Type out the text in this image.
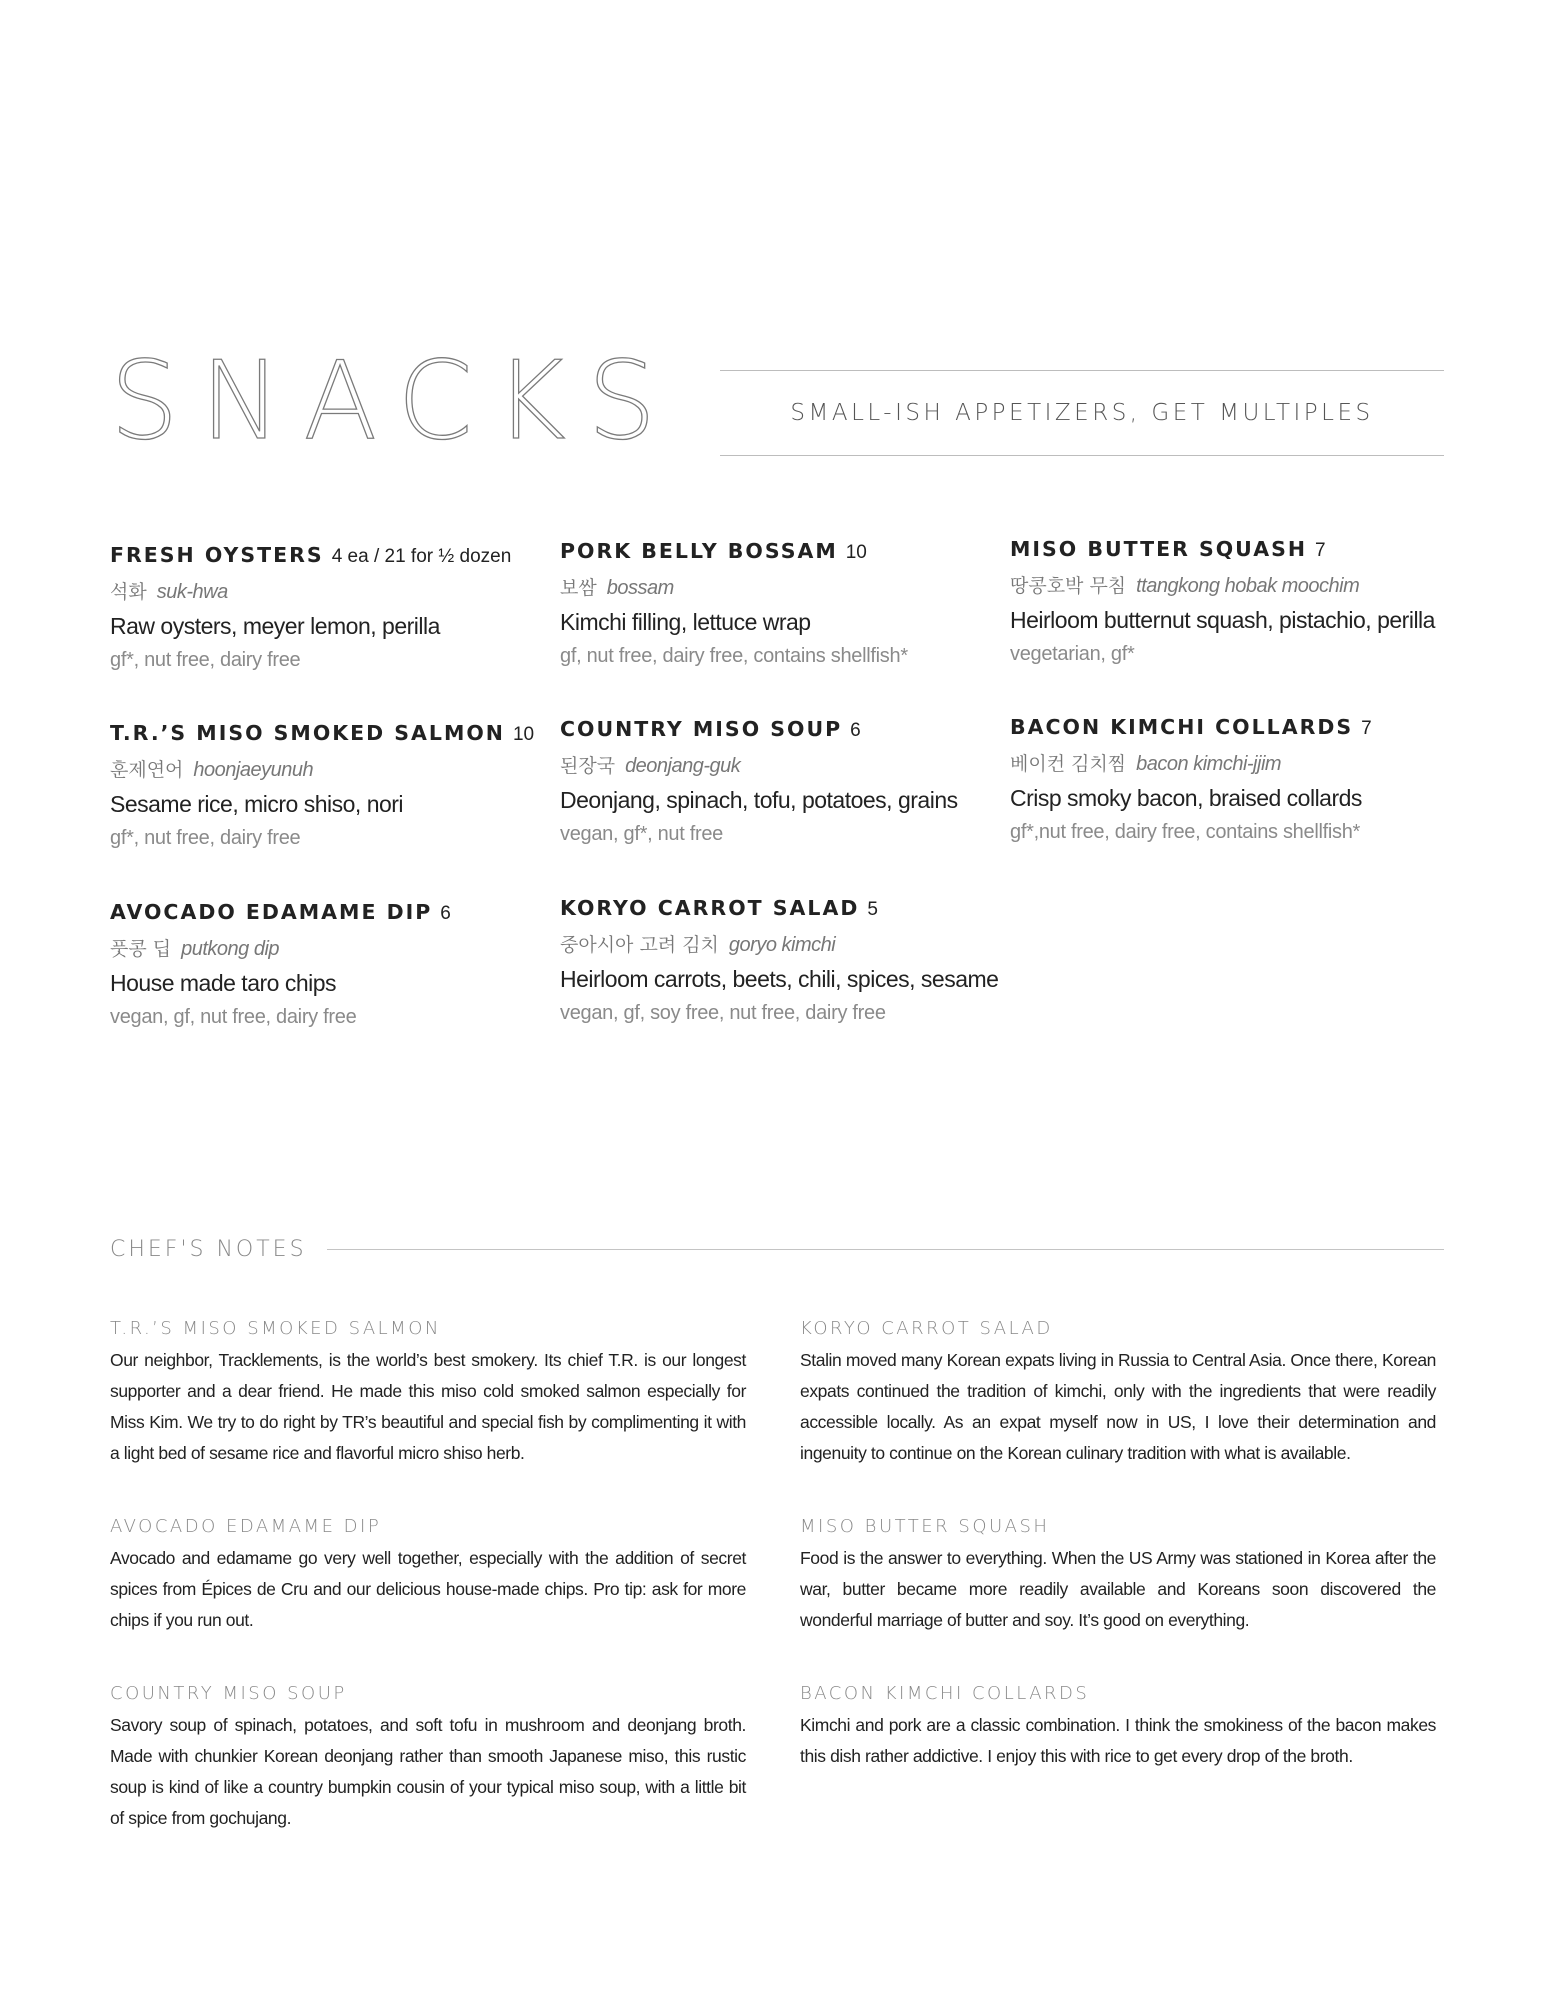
SNACKS	SMALL-ISH APPETIZERS, GET MULTIPLES
FRESH OYSTERS 4 ea / 21 for ½ dozen
석화 suk-hwa
Raw oysters, meyer lemon, perilla
gf*, nut free, dairy free
T.R.’S MISO SMOKED SALMON 10
훈제연어 hoonjaeyunuh
Sesame rice, micro shiso, nori
gf*, nut free, dairy free
AVOCADO EDAMAME DIP 6
풋콩 딥 putkong dip
House made taro chips
vegan, gf, nut free, dairy free
PORK BELLY BOSSAM 10
보쌈 bossam
Kimchi filling, lettuce wrap
gf, nut free, dairy free, contains shellfish*
COUNTRY MISO SOUP 6
된장국 deonjang-guk
Deonjang, spinach, tofu, potatoes, grains
vegan, gf*, nut free
KORYO CARROT SALAD 5
중아시아 고려 김치 goryo kimchi
Heirloom carrots, beets, chili, spices, sesame
vegan, gf, soy free, nut free, dairy free
MISO BUTTER SQUASH 7
땅콩호박 무침 ttangkong hobak moochim
Heirloom butternut squash, pistachio, perilla
vegetarian, gf*
BACON KIMCHI COLLARDS 7
베이컨 김치찜 bacon kimchi-jjim
Crisp smoky bacon, braised collards
gf*,nut free, dairy free, contains shellfish*
CHEF'S NOTES
T.R.’S MISO SMOKED SALMON
Our neighbor, Tracklements, is the world’s best smokery. Its chief T.R. is our longest supporter and a dear friend. He made this miso cold smoked salmon especially for Miss Kim. We try to do right by TR’s beautiful and special fish by complimenting it with a light bed of sesame rice and flavorful micro shiso herb.
AVOCADO EDAMAME DIP
Avocado and edamame go very well together, especially with the addition of secret spices from Épices de Cru and our delicious house-made chips. Pro tip: ask for more chips if you run out.
COUNTRY MISO SOUP
Savory soup of spinach, potatoes, and soft tofu in mushroom and deonjang broth. Made with chunkier Korean deonjang rather than smooth Japanese miso, this rustic soup is kind of like a country bumpkin cousin of your typical miso soup, with a little bit of spice from gochujang.
KORYO CARROT SALAD
Stalin moved many Korean expats living in Russia to Central Asia. Once there, Korean expats continued the tradition of kimchi, only with the ingredients that were readily accessible locally. As an expat myself now in US, I love their determination and ingenuity to continue on the Korean culinary tradition with what is available.
MISO BUTTER SQUASH
Food is the answer to everything. When the US Army was stationed in Korea after the war, butter became more readily available and Koreans soon discovered the wonderful marriage of butter and soy. It’s good on everything.
BACON KIMCHI COLLARDS
Kimchi and pork are a classic combination. I think the smokiness of the bacon makes this dish rather addictive. I enjoy this with rice to get every drop of the broth.
